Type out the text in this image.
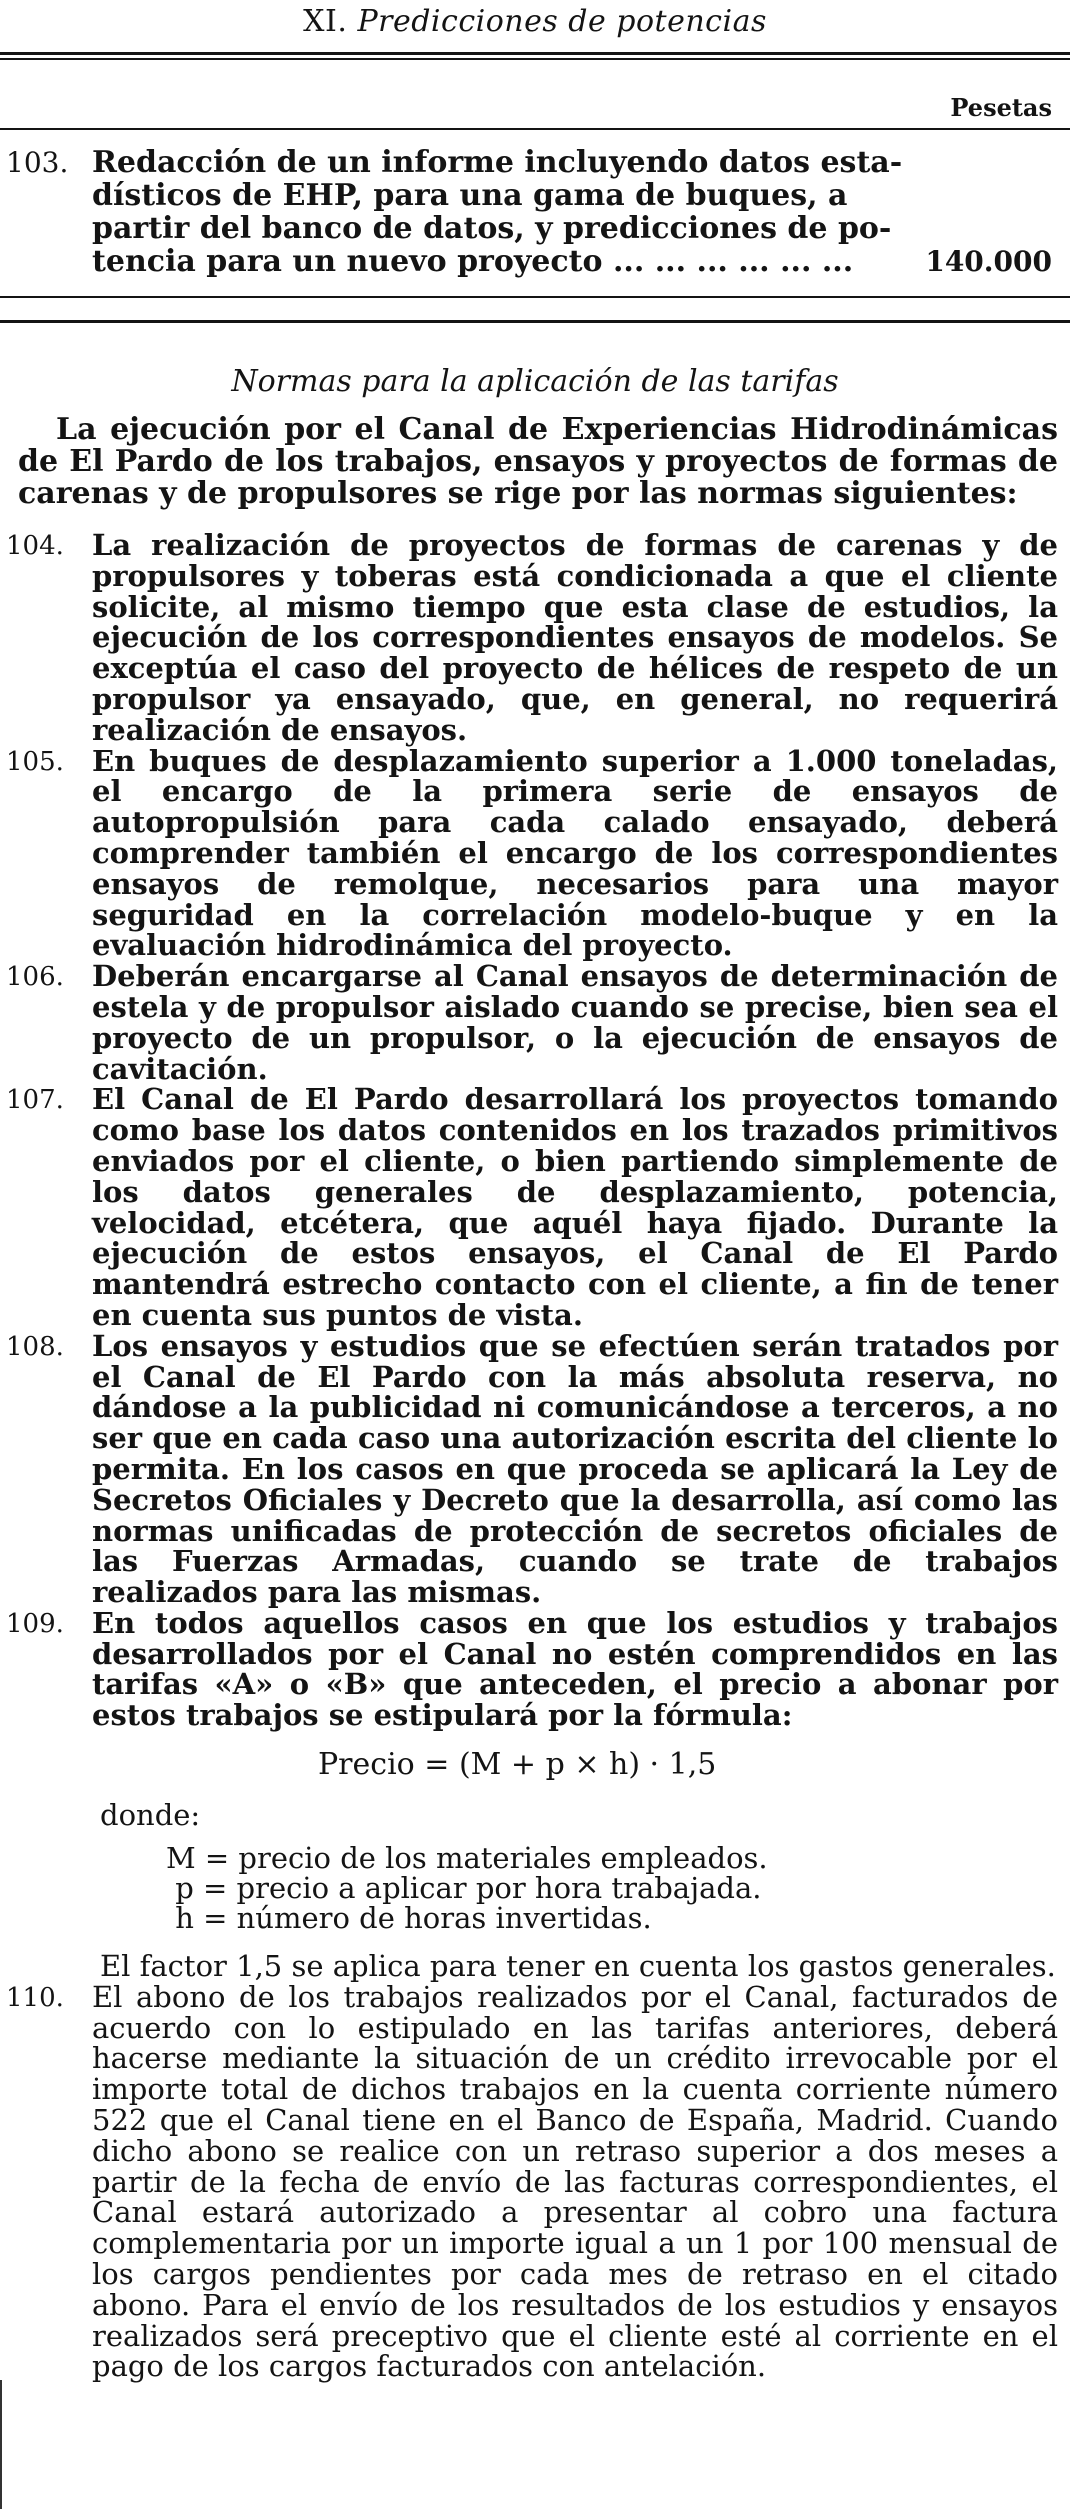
XI. Predicciones de potencias
Pesetas
103. Redacción de un informe incluyendo datos esta-
dísticos de EHP, para una gama de buques, a
partir del banco de datos, y predicciones de po-
tencia para un nuevo proyecto ... ... ... ... ... ...	140.000
Normas para la aplicación de las tarifas
La ejecución por el Canal de Experiencias Hidrodinámicas de El Pardo de los trabajos, ensayos y proyectos de formas de carenas y de propulsores se rige por las normas siguientes:
104. La realización de proyectos de formas de carenas y de propulsores y toberas está condicionada a que el cliente solicite, al mismo tiempo que esta clase de estudios, la ejecución de los correspondientes ensayos de modelos. Se exceptúa el caso del proyecto de hélices de respeto de un propulsor ya ensayado, que, en general, no requerirá realización de ensayos.
105. En buques de desplazamiento superior a 1.000 toneladas, el encargo de la primera serie de ensayos de autopropulsión para cada calado ensayado, deberá comprender también el encargo de los correspondientes ensayos de remolque, necesarios para una mayor seguridad en la correlación modelo-buque y en la evaluación hidrodinámica del proyecto.
106. Deberán encargarse al Canal ensayos de determinación de estela y de propulsor aislado cuando se precise, bien sea el proyecto de un propulsor, o la ejecución de ensayos de cavitación.
107. El Canal de El Pardo desarrollará los proyectos tomando como base los datos contenidos en los trazados primitivos enviados por el cliente, o bien partiendo simplemente de los datos generales de desplazamiento, potencia, velocidad, etcétera, que aquél haya fijado. Durante la ejecución de estos ensayos, el Canal de El Pardo mantendrá estrecho contacto con el cliente, a fin de tener en cuenta sus puntos de vista.
108. Los ensayos y estudios que se efectúen serán tratados por el Canal de El Pardo con la más absoluta reserva, no dándose a la publicidad ni comunicándose a terceros, a no ser que en cada caso una autorización escrita del cliente lo permita. En los casos en que proceda se aplicará la Ley de Secretos Oficiales y Decreto que la desarrolla, así como las normas unificadas de protección de secretos oficiales de las Fuerzas Armadas, cuando se trate de trabajos realizados para las mismas.
109. En todos aquellos casos en que los estudios y trabajos desarrollados por el Canal no estén comprendidos en las tarifas «A» o «B» que anteceden, el precio a abonar por estos trabajos se estipulará por la fórmula:
Precio = (M + p × h) · 1,5
donde:
M = precio de los materiales empleados.
p = precio a aplicar por hora trabajada.
h = número de horas invertidas.
El factor 1,5 se aplica para tener en cuenta los gastos generales.
110. El abono de los trabajos realizados por el Canal, facturados de acuerdo con lo estipulado en las tarifas anteriores, deberá hacerse mediante la situación de un crédito irrevocable por el importe total de dichos trabajos en la cuenta corriente número 522 que el Canal tiene en el Banco de España, Madrid. Cuando dicho abono se realice con un retraso superior a dos meses a partir de la fecha de envío de las facturas correspondientes, el Canal estará autorizado a presentar al cobro una factura complementaria por un importe igual a un 1 por 100 mensual de los cargos pendientes por cada mes de retraso en el citado abono. Para el envío de los resultados de los estudios y ensayos realizados será preceptivo que el cliente esté al corriente en el pago de los cargos facturados con antelación.
